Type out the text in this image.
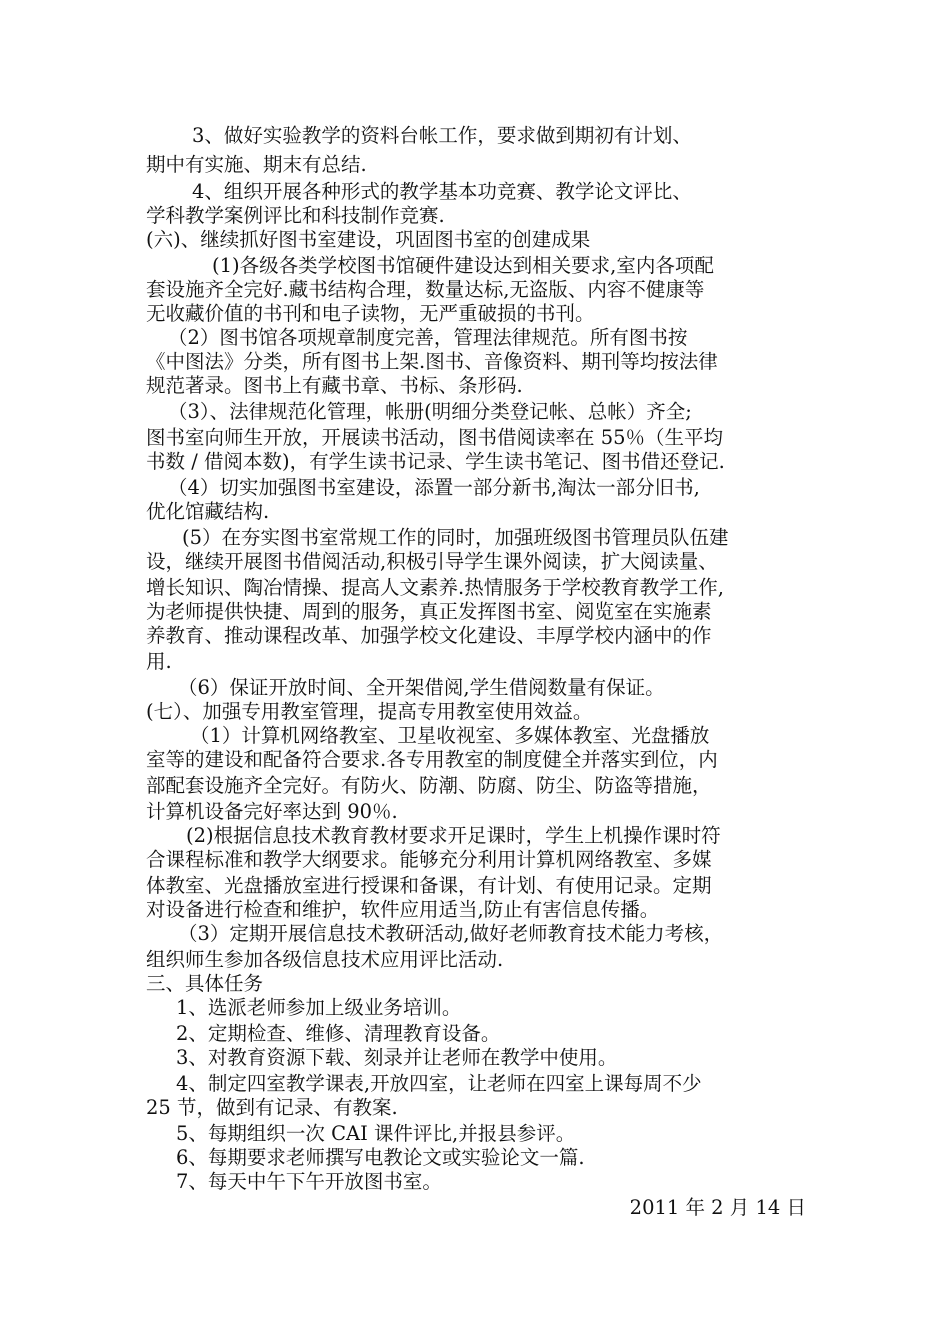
3、做好实验教学的资料台帐工作，要求做到期初有计划、
期中有实施、期末有总结.
4、组织开展各种形式的教学基本功竞赛、教学论文评比、
学科教学案例评比和科技制作竞赛.
(六)、继续抓好图书室建设，巩固图书室的创建成果
(1)各级各类学校图书馆硬件建设达到相关要求,室内各项配
套设施齐全完好.藏书结构合理，数量达标,无盗版、内容不健康等
无收藏价值的书刊和电子读物，无严重破损的书刊。
（2）图书馆各项规章制度完善，管理法律规范。所有图书按
《中图法》分类，所有图书上架.图书、音像资料、期刊等均按法律
规范著录。图书上有藏书章、书标、条形码.
（3）、法律规范化管理，帐册(明细分类登记帐、总帐）齐全;
图书室向师生开放，开展读书活动，图书借阅读率在 55％（生平均
书数 / 借阅本数)，有学生读书记录、学生读书笔记、图书借还登记.
（4）切实加强图书室建设，添置一部分新书,淘汰一部分旧书,
优化馆藏结构.
(5）在夯实图书室常规工作的同时，加强班级图书管理员队伍建
设，继续开展图书借阅活动,积极引导学生课外阅读，扩大阅读量、
增长知识、陶冶情操、提高人文素养.热情服务于学校教育教学工作,
为老师提供快捷、周到的服务，真正发挥图书室、阅览室在实施素
养教育、推动课程改革、加强学校文化建设、丰厚学校内涵中的作
用.
（6）保证开放时间、全开架借阅,学生借阅数量有保证。
(七）、加强专用教室管理，提高专用教室使用效益。
（1）计算机网络教室、卫星收视室、多媒体教室、光盘播放
室等的建设和配备符合要求.各专用教室的制度健全并落实到位，内
部配套设施齐全完好。有防火、防潮、防腐、防尘、防盗等措施，
计算机设备完好率达到 90％.
(2)根据信息技术教育教材要求开足课时，学生上机操作课时符
合课程标准和教学大纲要求。能够充分利用计算机网络教室、多媒
体教室、光盘播放室进行授课和备课，有计划、有使用记录。定期
对设备进行检查和维护，软件应用适当,防止有害信息传播。
（3）定期开展信息技术教研活动,做好老师教育技术能力考核，
组织师生参加各级信息技术应用评比活动.
三、具体任务
1、选派老师参加上级业务培训。
2、定期检查、维修、清理教育设备。
3、对教育资源下载、刻录并让老师在教学中使用。
4、制定四室教学课表,开放四室，让老师在四室上课每周不少
25 节，做到有记录、有教案.
5、每期组织一次 CAI 课件评比,并报县参评。
6、每期要求老师撰写电教论文或实验论文一篇.
7、每天中午下午开放图书室。
2011 年 2 月 14 日
